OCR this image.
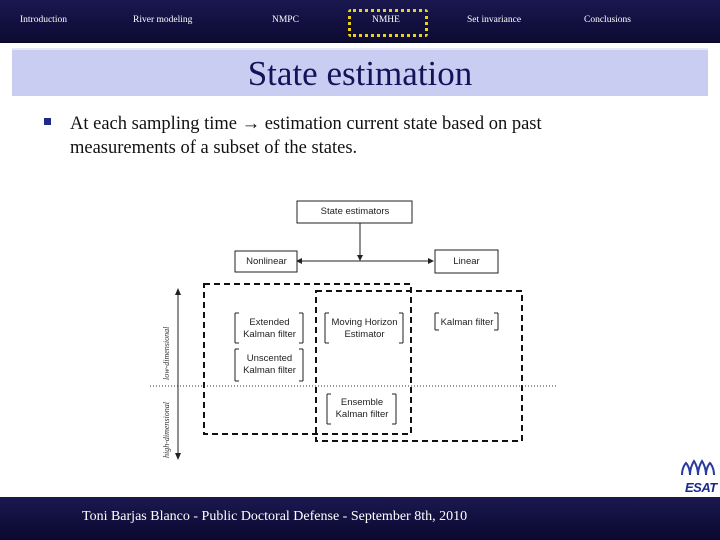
Introduction	River modeling	NMPC	NMHE	Set invariance	Conclusions
State estimation
At each sampling time → estimation current state based on past
measurements of a subset of the states.
State estimators
Nonlinear	Linear
Extended
Kalman filter
Moving Horizon
Estimator
Kalman filter
Unscented
Kalman filter
Ensemble
Kalman filter
low-dimensional
high-dimensional
ESAT
Toni Barjas Blanco - Public Doctoral Defense - September 8th, 2010
